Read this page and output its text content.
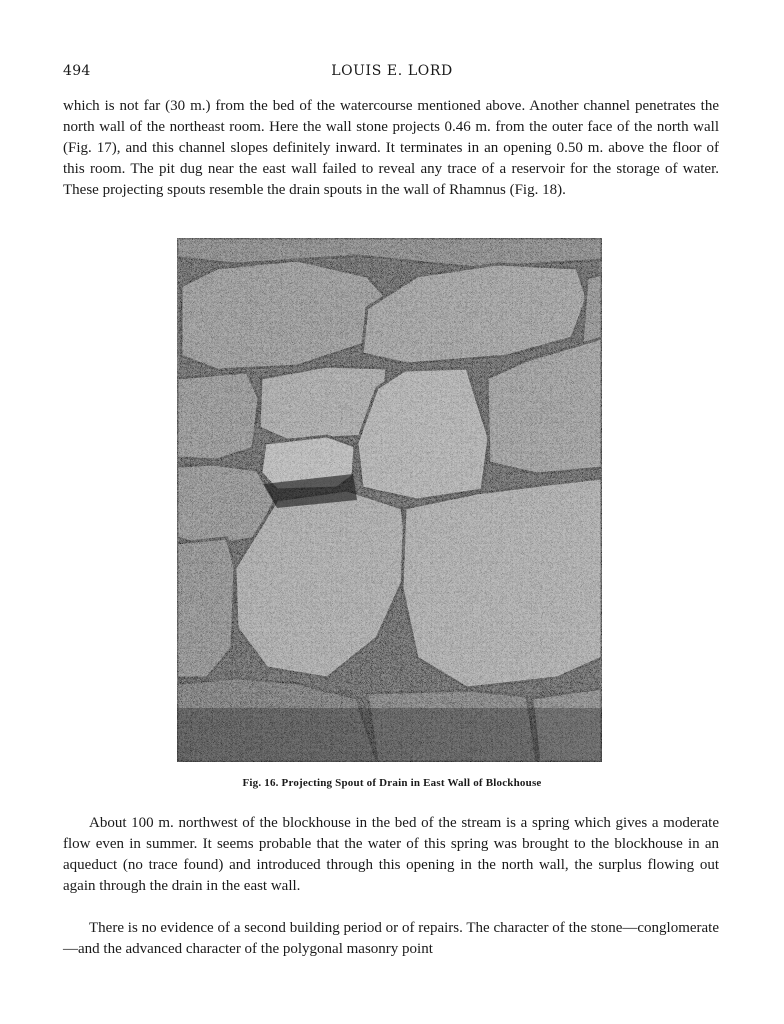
494	LOUIS E. LORD

which is not far (30 m.) from the bed of the watercourse mentioned above. Another channel penetrates the north wall of the northeast room. Here the wall stone projects 0.46 m. from the outer face of the north wall (Fig. 17), and this channel slopes definitely inward. It terminates in an opening 0.50 m. above the floor of this room. The pit dug near the east wall failed to reveal any trace of a reservoir for the storage of water. These projecting spouts resemble the drain spouts in the wall of Rhamnus (Fig. 18).

Fig. 16. Projecting Spout of Drain in East Wall of Blockhouse

About 100 m. northwest of the blockhouse in the bed of the stream is a spring which gives a moderate flow even in summer. It seems probable that the water of this spring was brought to the blockhouse in an aqueduct (no trace found) and introduced through this opening in the north wall, the surplus flowing out again through the drain in the east wall.

There is no evidence of a second building period or of repairs. The character of the stone—conglomerate—and the advanced character of the polygonal masonry point
